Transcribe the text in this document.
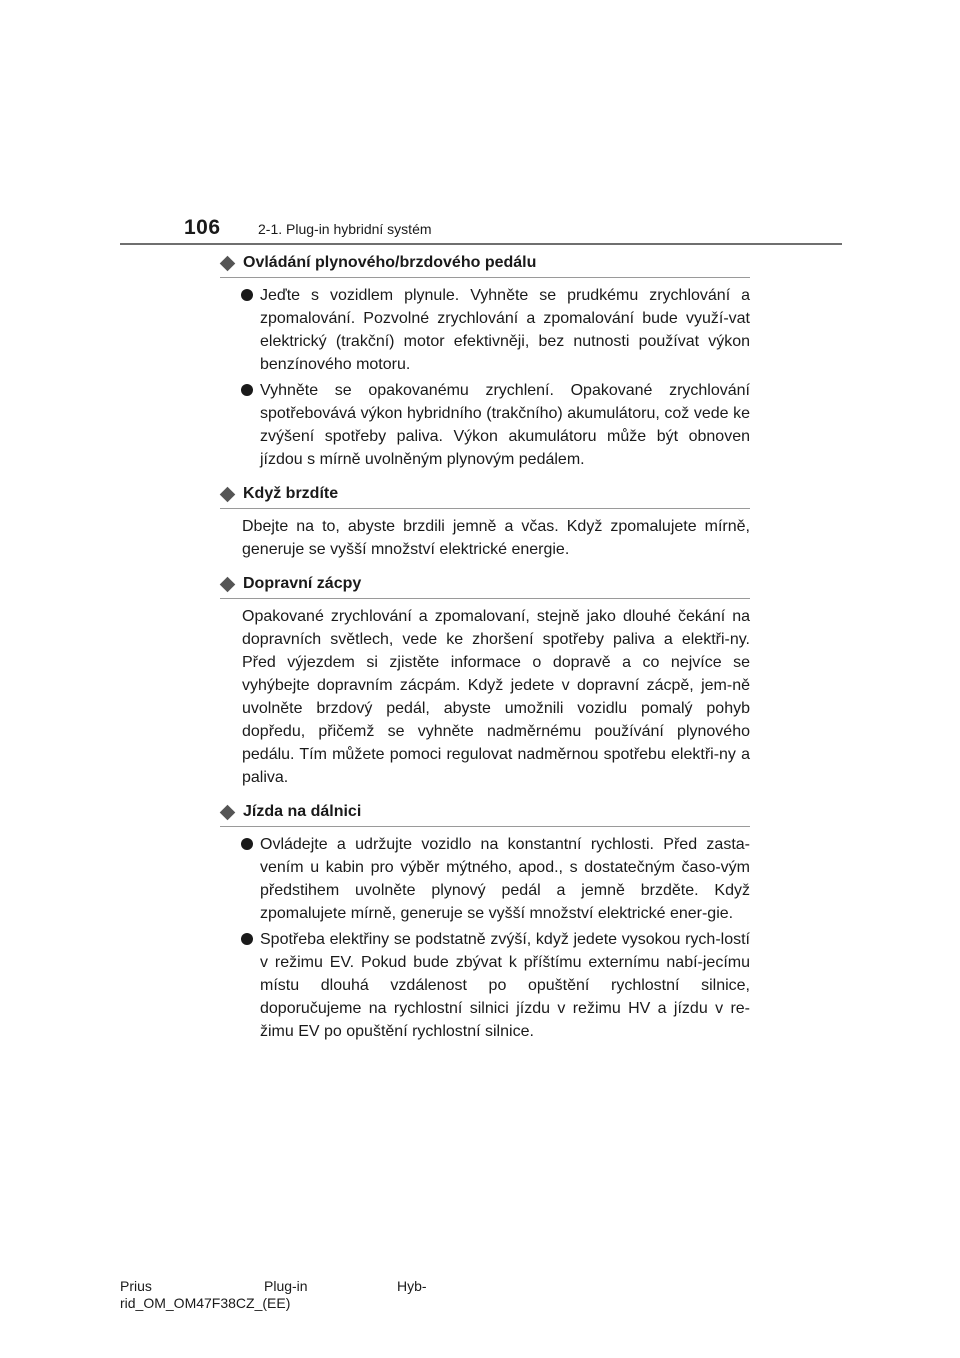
106	2-1. Plug-in hybridní systém
Ovládání plynového/brzdového pedálu
Jeďte s vozidlem plynule. Vyhněte se prudkému zrychlování a zpomalování. Pozvolné zrychlování a zpomalování bude využí-vat elektrický (trakční) motor efektivněji, bez nutnosti používat výkon benzínového motoru.
Vyhněte se opakovanému zrychlení. Opakované zrychlování spotřebovává výkon hybridního (trakčního) akumulátoru, což vede ke zvýšení spotřeby paliva. Výkon akumulátoru může být obnoven jízdou s mírně uvolněným plynovým pedálem.
Když brzdíte
Dbejte na to, abyste brzdili jemně a včas. Když zpomalujete mírně, generuje se vyšší množství elektrické energie.
Dopravní zácpy
Opakované zrychlování a zpomalovaní, stejně jako dlouhé čekání na dopravních světlech, vede ke zhoršení spotřeby paliva a elektři-ny. Před výjezdem si zjistěte informace o dopravě a co nejvíce se vyhýbejte dopravním zácpám. Když jedete v dopravní zácpě, jem-ně uvolněte brzdový pedál, abyste umožnili vozidlu pomalý pohyb dopředu, přičemž se vyhněte nadměrnému používání plynového pedálu. Tím můžete pomoci regulovat nadměrnou spotřebu elektři-ny a paliva.
Jízda na dálnici
Ovládejte a udržujte vozidlo na konstantní rychlosti. Před zasta-vením u kabin pro výběr mýtného, apod., s dostatečným časo-vým předstihem uvolněte plynový pedál a jemně brzděte. Když zpomalujete mírně, generuje se vyšší množství elektrické ener-gie.
Spotřeba elektřiny se podstatně zvýší, když jedete vysokou rych-lostí v režimu EV. Pokud bude zbývat k příštímu externímu nabí-jecímu místu dlouhá vzdálenost po opuštění rychlostní silnice, doporučujeme na rychlostní silnici jízdu v režimu HV a jízdu v re-žimu EV po opuštění rychlostní silnice.
Prius	Plug-in	Hyb-
rid_OM_OM47F38CZ_(EE)
